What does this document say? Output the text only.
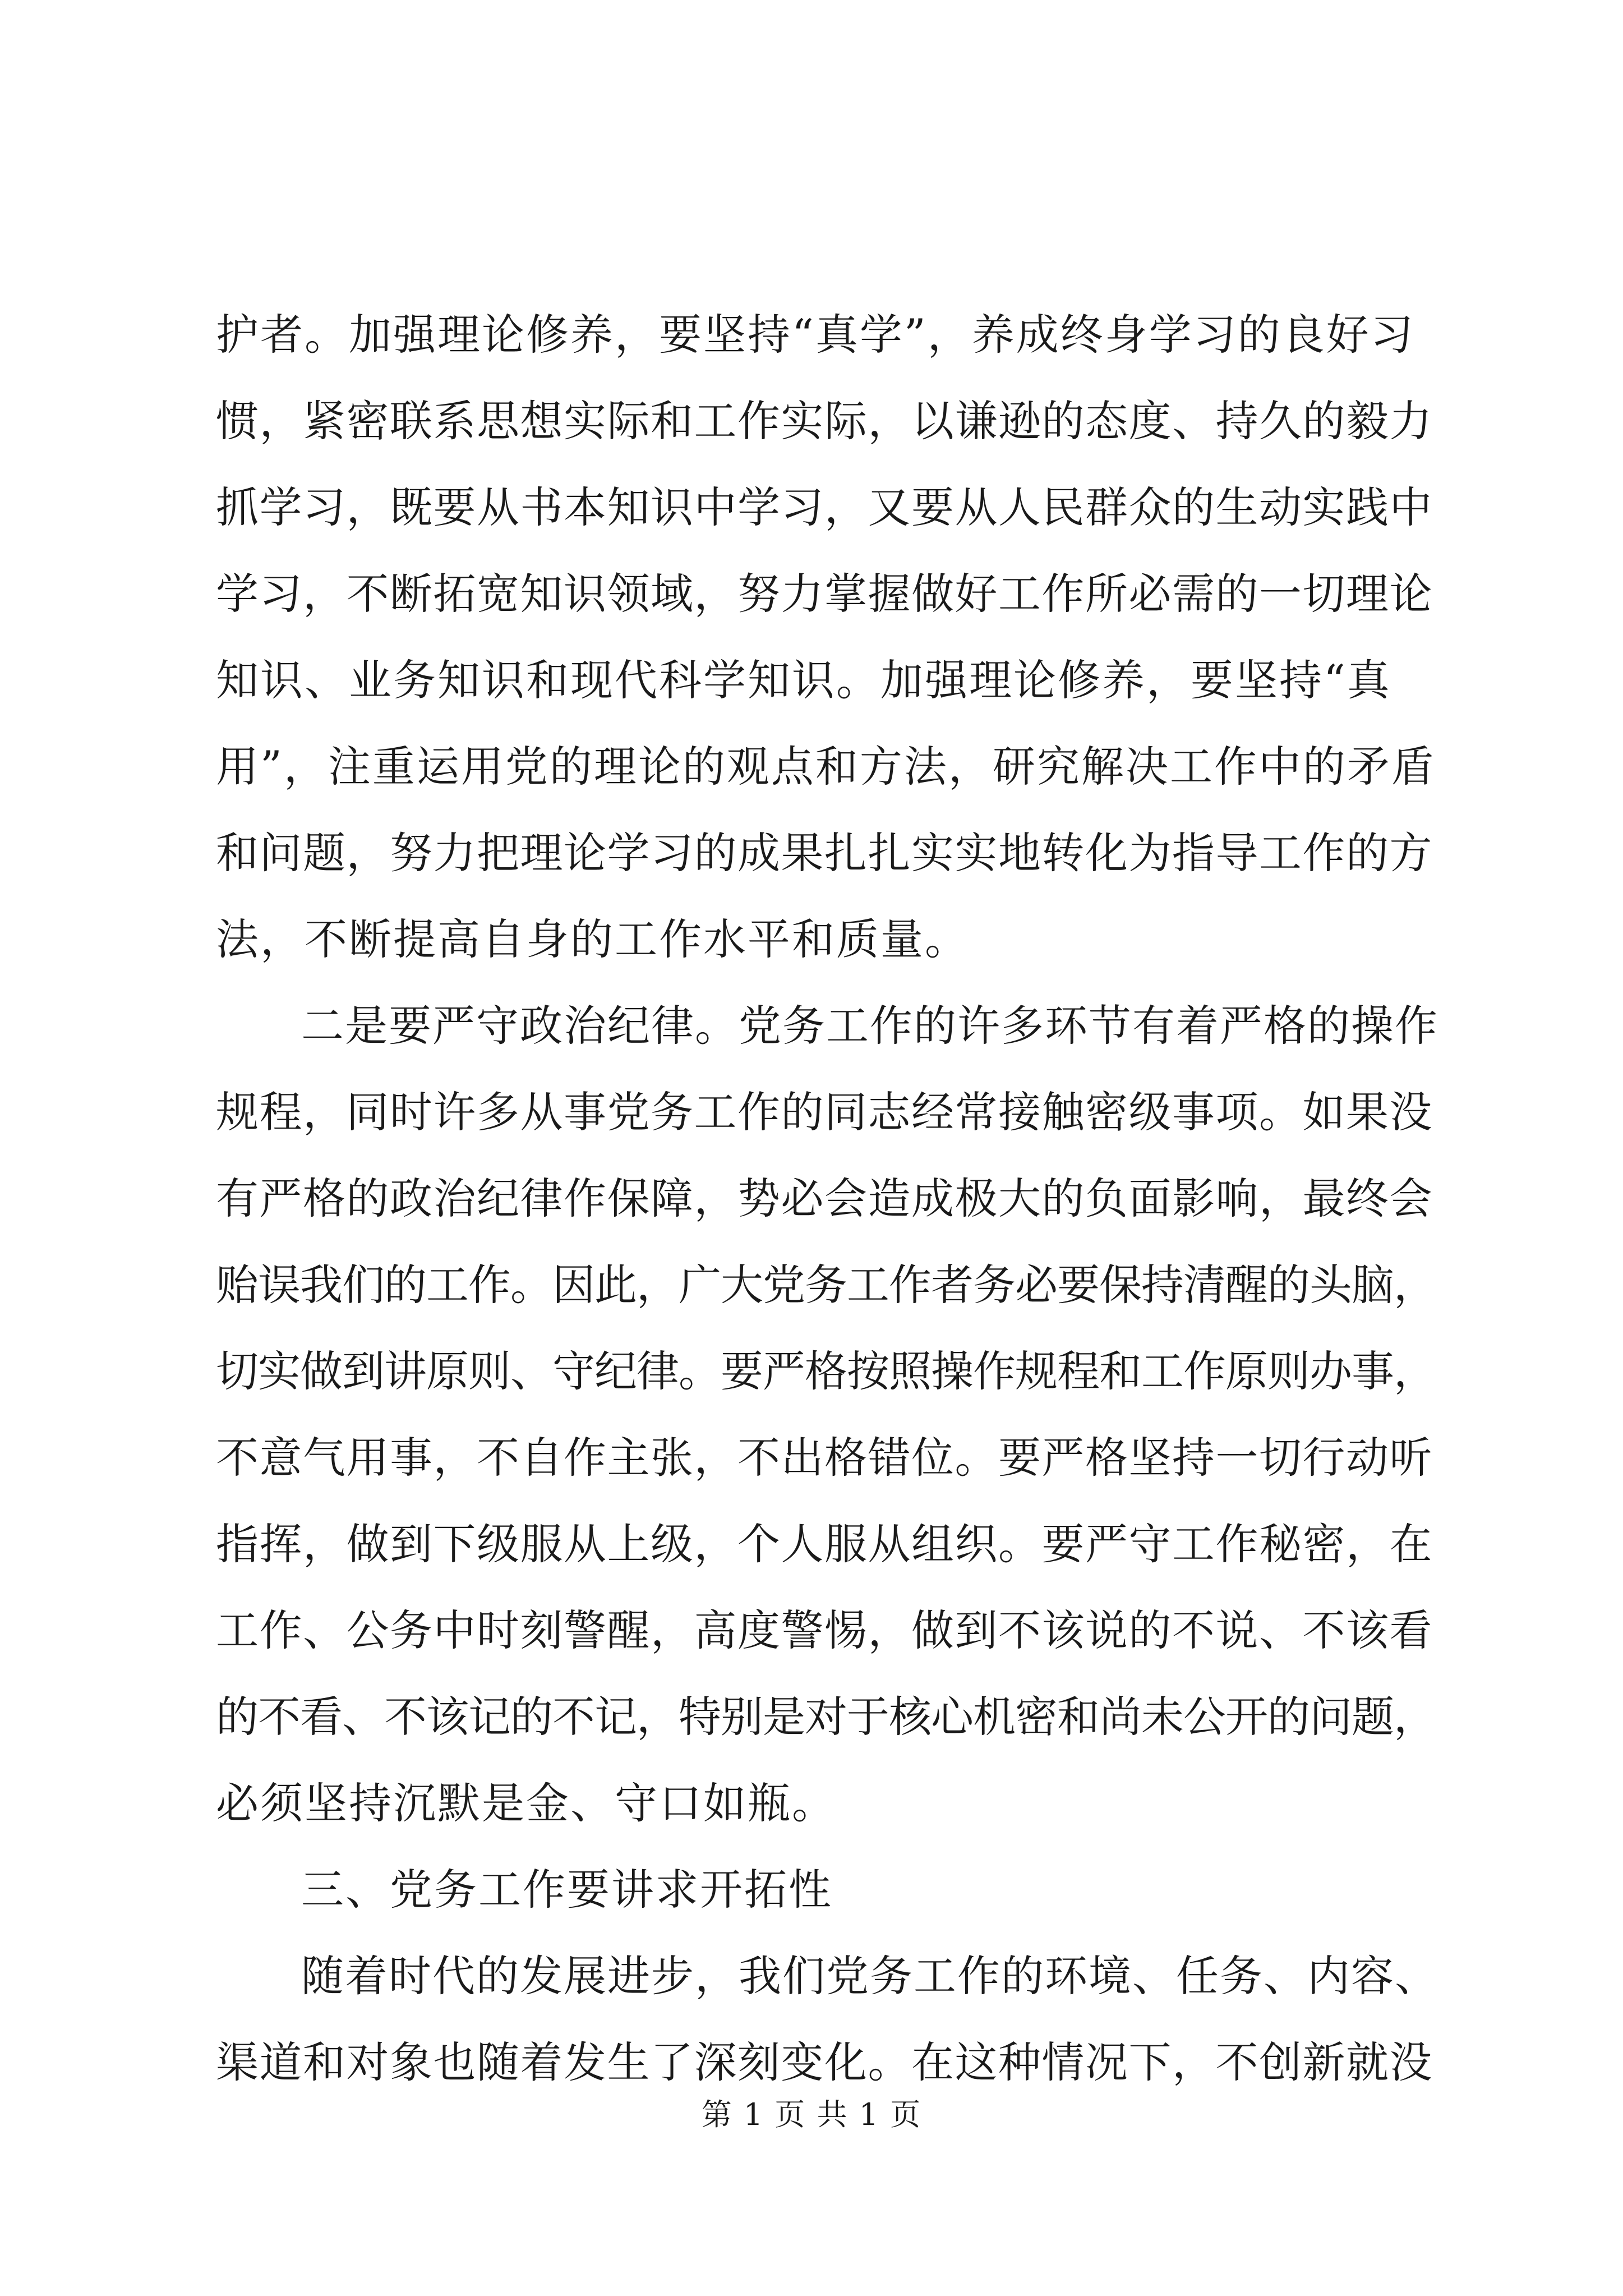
护者。加强理论修养，要坚持“真学”，养成终身学习的良好习
惯，紧密联系思想实际和工作实际，以谦逊的态度、持久的毅力
抓学习，既要从书本知识中学习，又要从人民群众的生动实践中
学习，不断拓宽知识领域，努力掌握做好工作所必需的一切理论
知识、业务知识和现代科学知识。加强理论修养，要坚持“真
用”，注重运用党的理论的观点和方法，研究解决工作中的矛盾
和问题，努力把理论学习的成果扎扎实实地转化为指导工作的方
法，不断提高自身的工作水平和质量。
二是要严守政治纪律。党务工作的许多环节有着严格的操作
规程，同时许多从事党务工作的同志经常接触密级事项。如果没
有严格的政治纪律作保障，势必会造成极大的负面影响，最终会
贻误我们的工作。因此，广大党务工作者务必要保持清醒的头脑，
切实做到讲原则、守纪律。要严格按照操作规程和工作原则办事，
不意气用事，不自作主张，不出格错位。要严格坚持一切行动听
指挥，做到下级服从上级，个人服从组织。要严守工作秘密，在
工作、公务中时刻警醒，高度警惕，做到不该说的不说、不该看
的不看、不该记的不记，特别是对于核心机密和尚未公开的问题，
必须坚持沉默是金、守口如瓶。
三、党务工作要讲求开拓性
随着时代的发展进步，我们党务工作的环境、任务、内容、
渠道和对象也随着发生了深刻变化。在这种情况下，不创新就没
第 1 页 共 1 页
